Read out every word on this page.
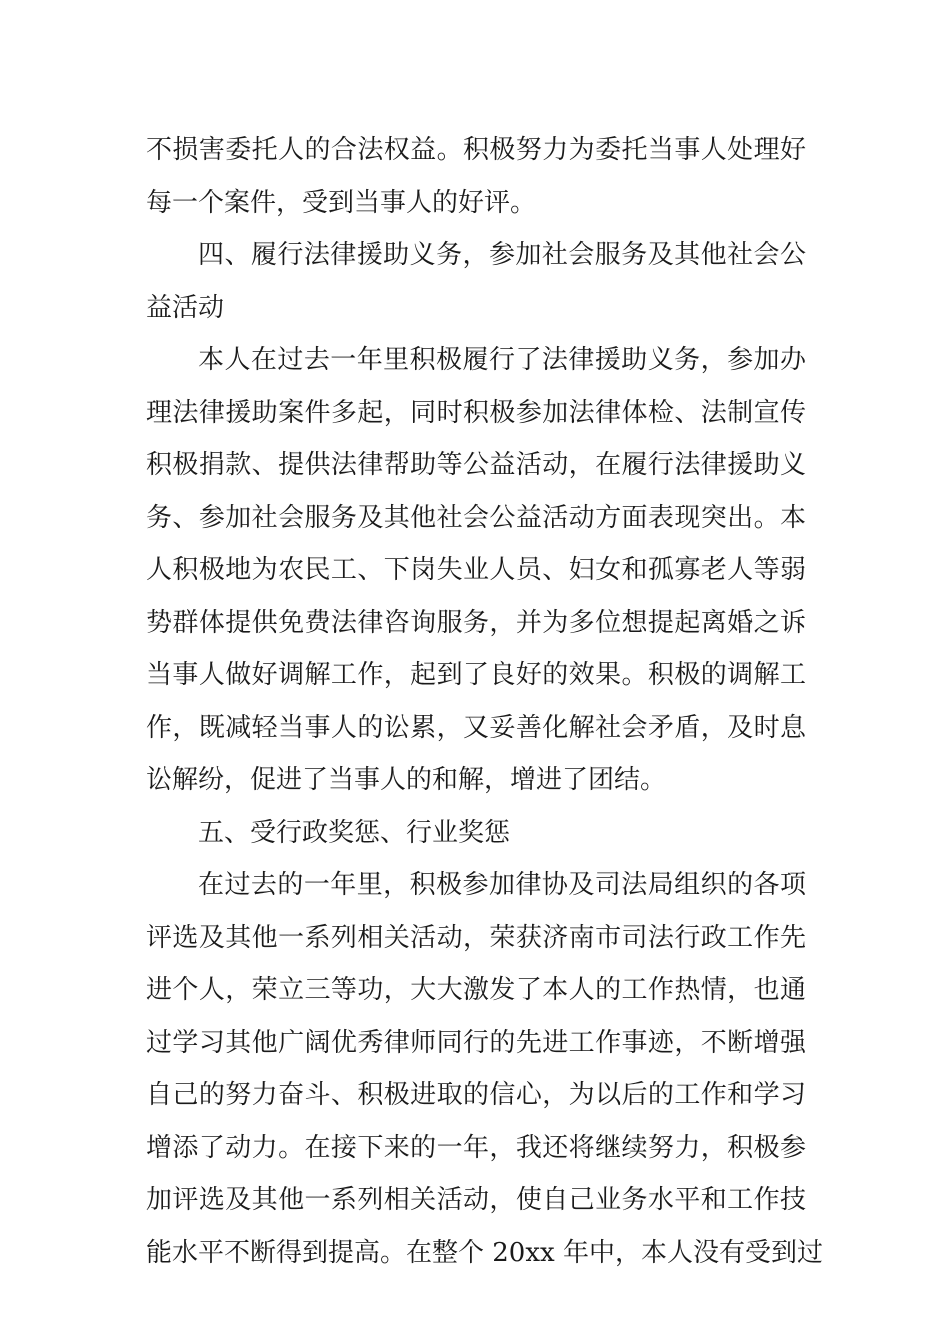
不损害委托人的合法权益。积极努力为委托当事人处理好
每一个案件，受到当事人的好评。
四、履行法律援助义务，参加社会服务及其他社会公
益活动
本人在过去一年里积极履行了法律援助义务，参加办
理法律援助案件多起，同时积极参加法律体检、法制宣传
积极捐款、提供法律帮助等公益活动，在履行法律援助义
务、参加社会服务及其他社会公益活动方面表现突出。本
人积极地为农民工、下岗失业人员、妇女和孤寡老人等弱
势群体提供免费法律咨询服务，并为多位想提起离婚之诉
当事人做好调解工作，起到了良好的效果。积极的调解工
作，既减轻当事人的讼累，又妥善化解社会矛盾，及时息
讼解纷，促进了当事人的和解，增进了团结。
五、受行政奖惩、行业奖惩
在过去的一年里，积极参加律协及司法局组织的各项
评选及其他一系列相关活动，荣获济南市司法行政工作先
进个人，荣立三等功，大大激发了本人的工作热情，也通
过学习其他广阔优秀律师同行的先进工作事迹，不断增强
自己的努力奋斗、积极进取的信心，为以后的工作和学习
增添了动力。在接下来的一年，我还将继续努力，积极参
加评选及其他一系列相关活动，使自己业务水平和工作技
能水平不断得到提高。在整个 20xx 年中，本人没有受到过
